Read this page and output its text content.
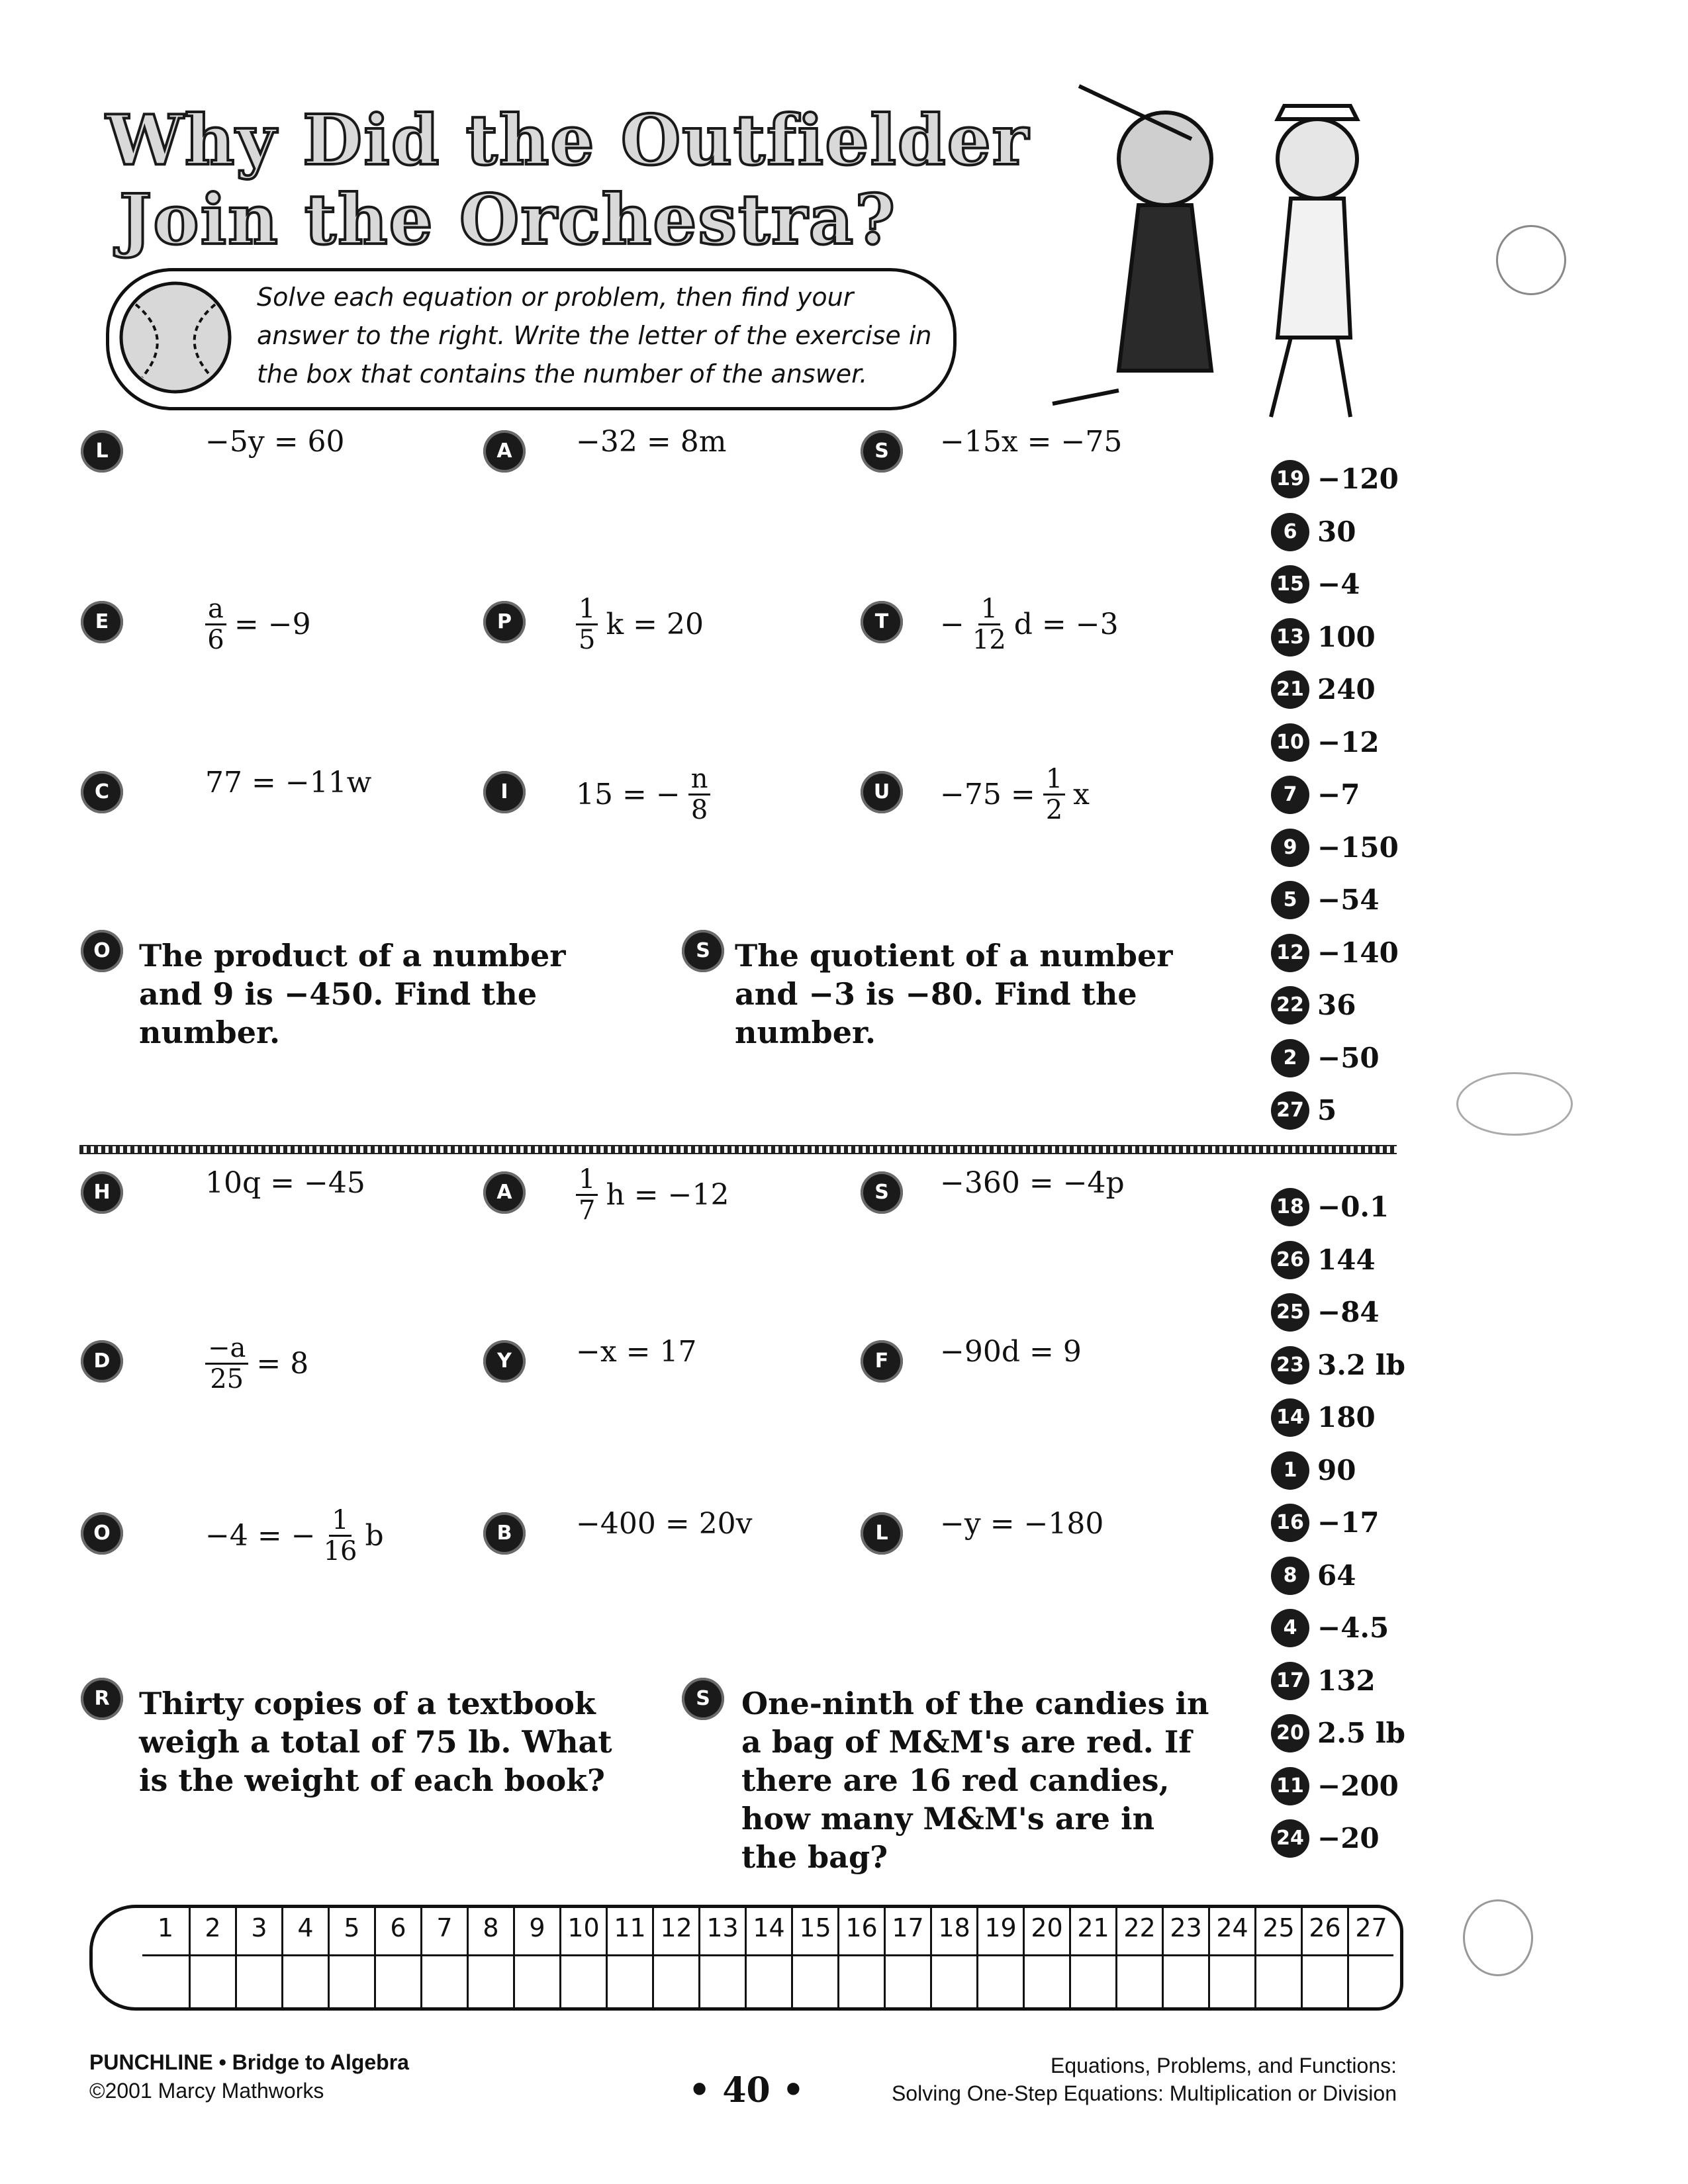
Why Did the Outfielder
Join the Orchestra?
Solve each equation or problem, then find your answer to the right. Write the letter of the exercise in the box that contains the number of the answer.
L	−5y = 60	A	−32 = 8m	S	−15x = −75
E	$\frac{a}{6} = -9$	P	$\frac{1}{5}$ k = 20	T	− $\frac{1}{12}$ d = −3
C	77 = −11w	I	15 = − $\frac{n}{8}$	U	$-75 = \frac{1}{2}$ x
O The product of a number and 9 is −450. Find the number.
S The quotient of a number and −3 is −80. Find the number.
H	10q = −45	A	$\frac{1}{7}$ h = −12	S	−360 = −4p
D	$\frac{-a}{25} = 8$	Y	−x = 17	F	−90d = 9
O	−4 = − $\frac{1}{16}$ b	B	−400 = 20v	L	−y = −180
R Thirty copies of a textbook weigh a total of 75 lb. What is the weight of each book?
S	One-ninth of the candies in a bag of M&M's are red. If there are 16 red candies, how many M&M's are in the bag?
19 −120
6 30
15 −4
13 100
21 240
10 −12
7 −7
9 −150
5 −54
12 −140
22 36
2 −50
27 5
18 −0.1
26 144
25 −84
23 3.2 lb
14 180
1 90
16 −17
8 64
4 −4.5
17 132
20 2.5 lb
11 −200
24 −20
1	2	3	4	5	6	7	8	9 10 11 12 13 14 15 16 17 18 19 20 21 22 23 24 25 26 27
PUNCHLINE • Bridge to Algebra
©2001 Marcy Mathworks	• 40 •
Equations, Problems, and Functions:
Solving One-Step Equations: Multiplication or Division
